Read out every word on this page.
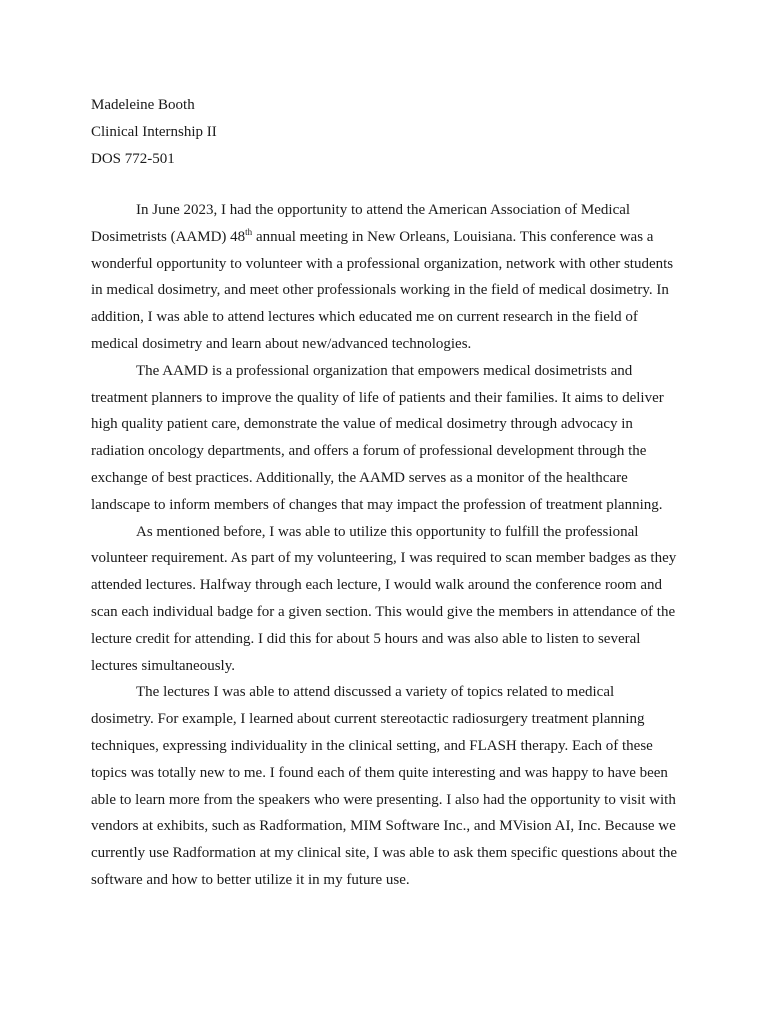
Madeleine Booth
Clinical Internship II
DOS 772-501

In June 2023, I had the opportunity to attend the American Association of Medical Dosimetrists (AAMD) 48th annual meeting in New Orleans, Louisiana. This conference was a wonderful opportunity to volunteer with a professional organization, network with other students in medical dosimetry, and meet other professionals working in the field of medical dosimetry. In addition, I was able to attend lectures which educated me on current research in the field of medical dosimetry and learn about new/advanced technologies.

The AAMD is a professional organization that empowers medical dosimetrists and treatment planners to improve the quality of life of patients and their families. It aims to deliver high quality patient care, demonstrate the value of medical dosimetry through advocacy in radiation oncology departments, and offers a forum of professional development through the exchange of best practices. Additionally, the AAMD serves as a monitor of the healthcare landscape to inform members of changes that may impact the profession of treatment planning.

As mentioned before, I was able to utilize this opportunity to fulfill the professional volunteer requirement. As part of my volunteering, I was required to scan member badges as they attended lectures. Halfway through each lecture, I would walk around the conference room and scan each individual badge for a given section. This would give the members in attendance of the lecture credit for attending. I did this for about 5 hours and was also able to listen to several lectures simultaneously.

The lectures I was able to attend discussed a variety of topics related to medical dosimetry. For example, I learned about current stereotactic radiosurgery treatment planning techniques, expressing individuality in the clinical setting, and FLASH therapy. Each of these topics was totally new to me. I found each of them quite interesting and was happy to have been able to learn more from the speakers who were presenting. I also had the opportunity to visit with vendors at exhibits, such as Radformation, MIM Software Inc., and MVision AI, Inc. Because we currently use Radformation at my clinical site, I was able to ask them specific questions about the software and how to better utilize it in my future use.
